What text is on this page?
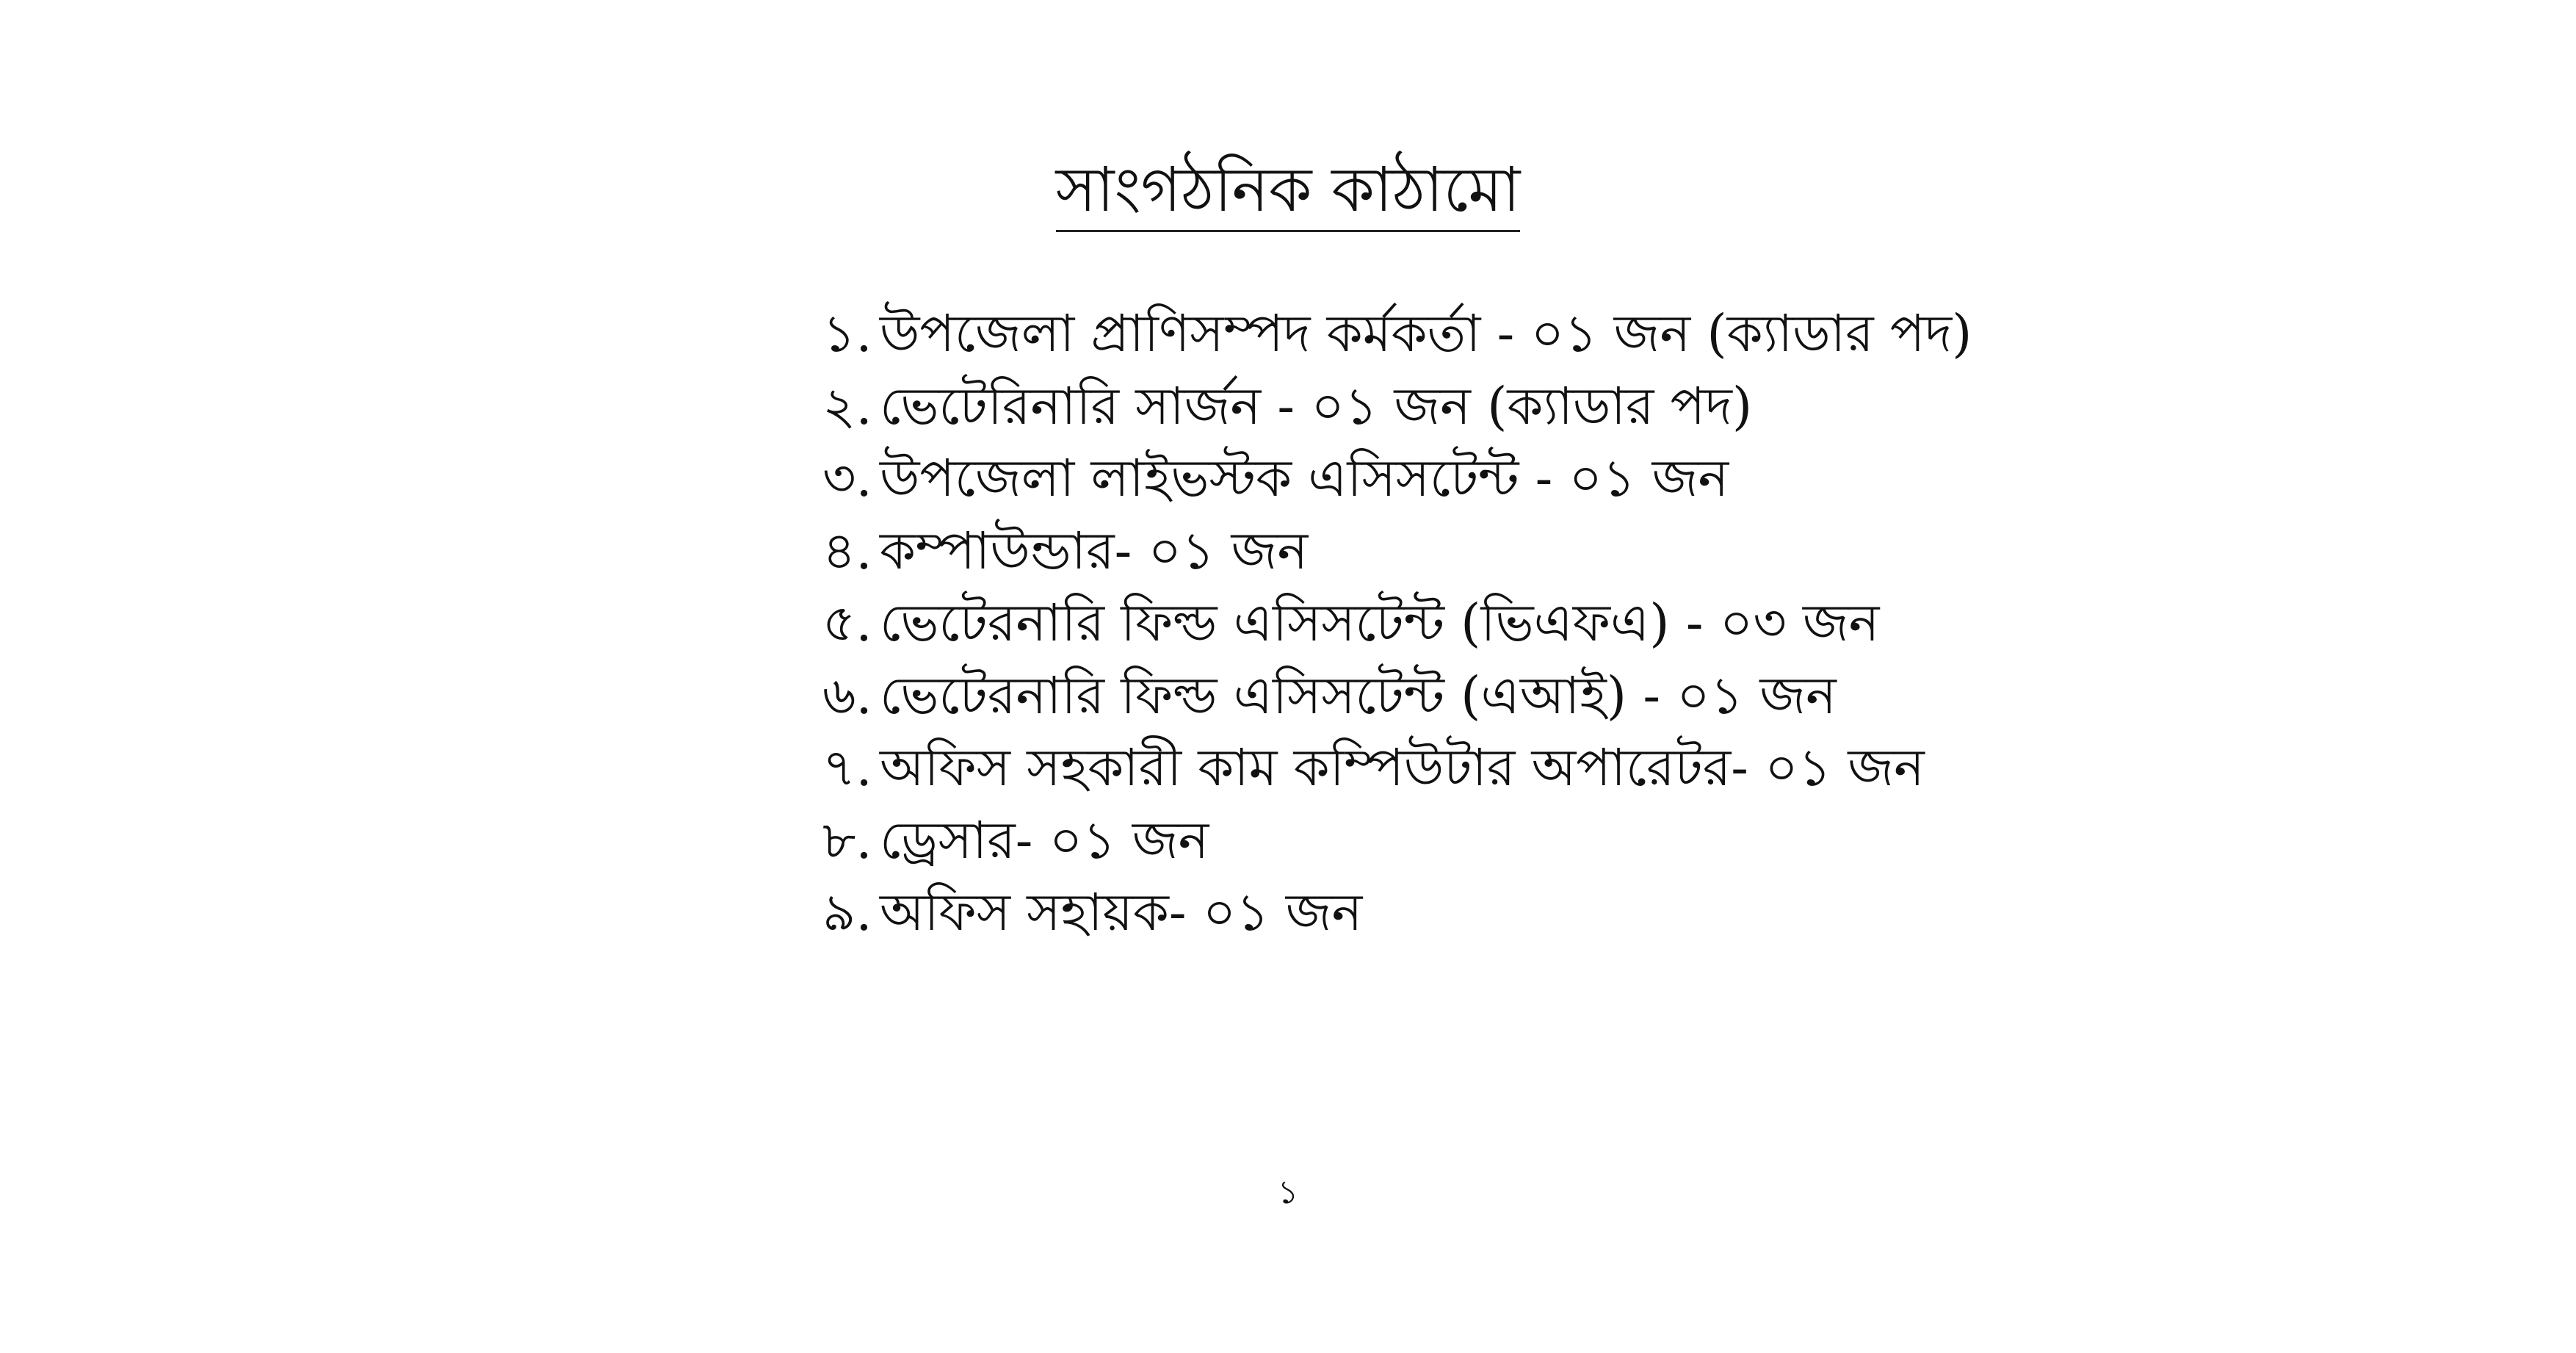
সাংগঠনিক কাঠামো
১. উপজেলা প্রাণিসম্পদ কর্মকর্তা - ০১ জন (ক্যাডার পদ)
২. ভেটেরিনারি সার্জন - ০১ জন (ক্যাডার পদ)
৩. উপজেলা লাইভস্টক এসিসটেন্ট - ০১ জন
৪. কম্পাউন্ডার- ০১ জন
৫. ভেটেরনারি ফিল্ড এসিসটেন্ট (ভিএফএ) - ০৩ জন
৬. ভেটেরনারি ফিল্ড এসিসটেন্ট (এআই) - ০১ জন
৭. অফিস সহকারী কাম কম্পিউটার অপারেটর- ০১ জন
৮. ড্রেসার- ০১ জন
৯. অফিস সহায়ক- ০১ জন
১
